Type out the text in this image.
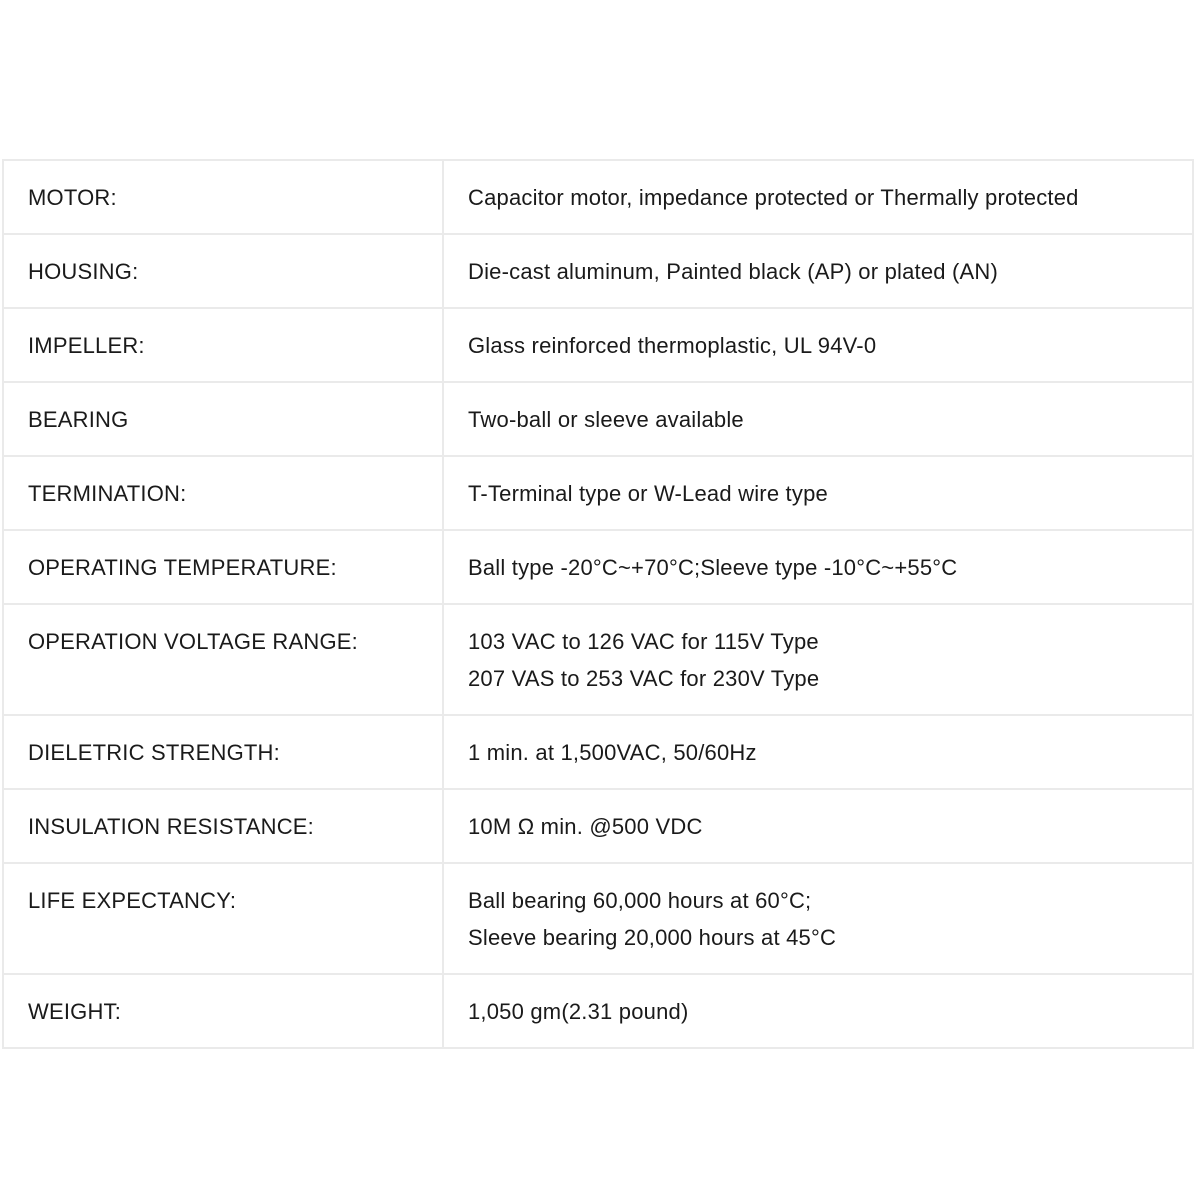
MOTOR:	Capacitor motor, impedance protected or Thermally protected

HOUSING:	Die-cast aluminum, Painted black (AP) or plated (AN)

IMPELLER:	Glass reinforced thermoplastic, UL 94V-0

BEARING	Two-ball or sleeve available

TERMINATION:	T-Terminal type or W-Lead wire type

OPERATING TEMPERATURE:	Ball type -20°C~+70°C;Sleeve type -10°C~+55°C

OPERATION VOLTAGE RANGE:	103 VAC to 126 VAC for 115V Type
207 VAS to 253 VAC for 230V Type

DIELETRIC STRENGTH:	1 min. at 1,500VAC, 50/60Hz

INSULATION RESISTANCE:	10M Ω min. @500 VDC

LIFE EXPECTANCY:	Ball bearing 60,000 hours at 60°C;
Sleeve bearing 20,000 hours at 45°C

WEIGHT:	1,050 gm(2.31 pound)
